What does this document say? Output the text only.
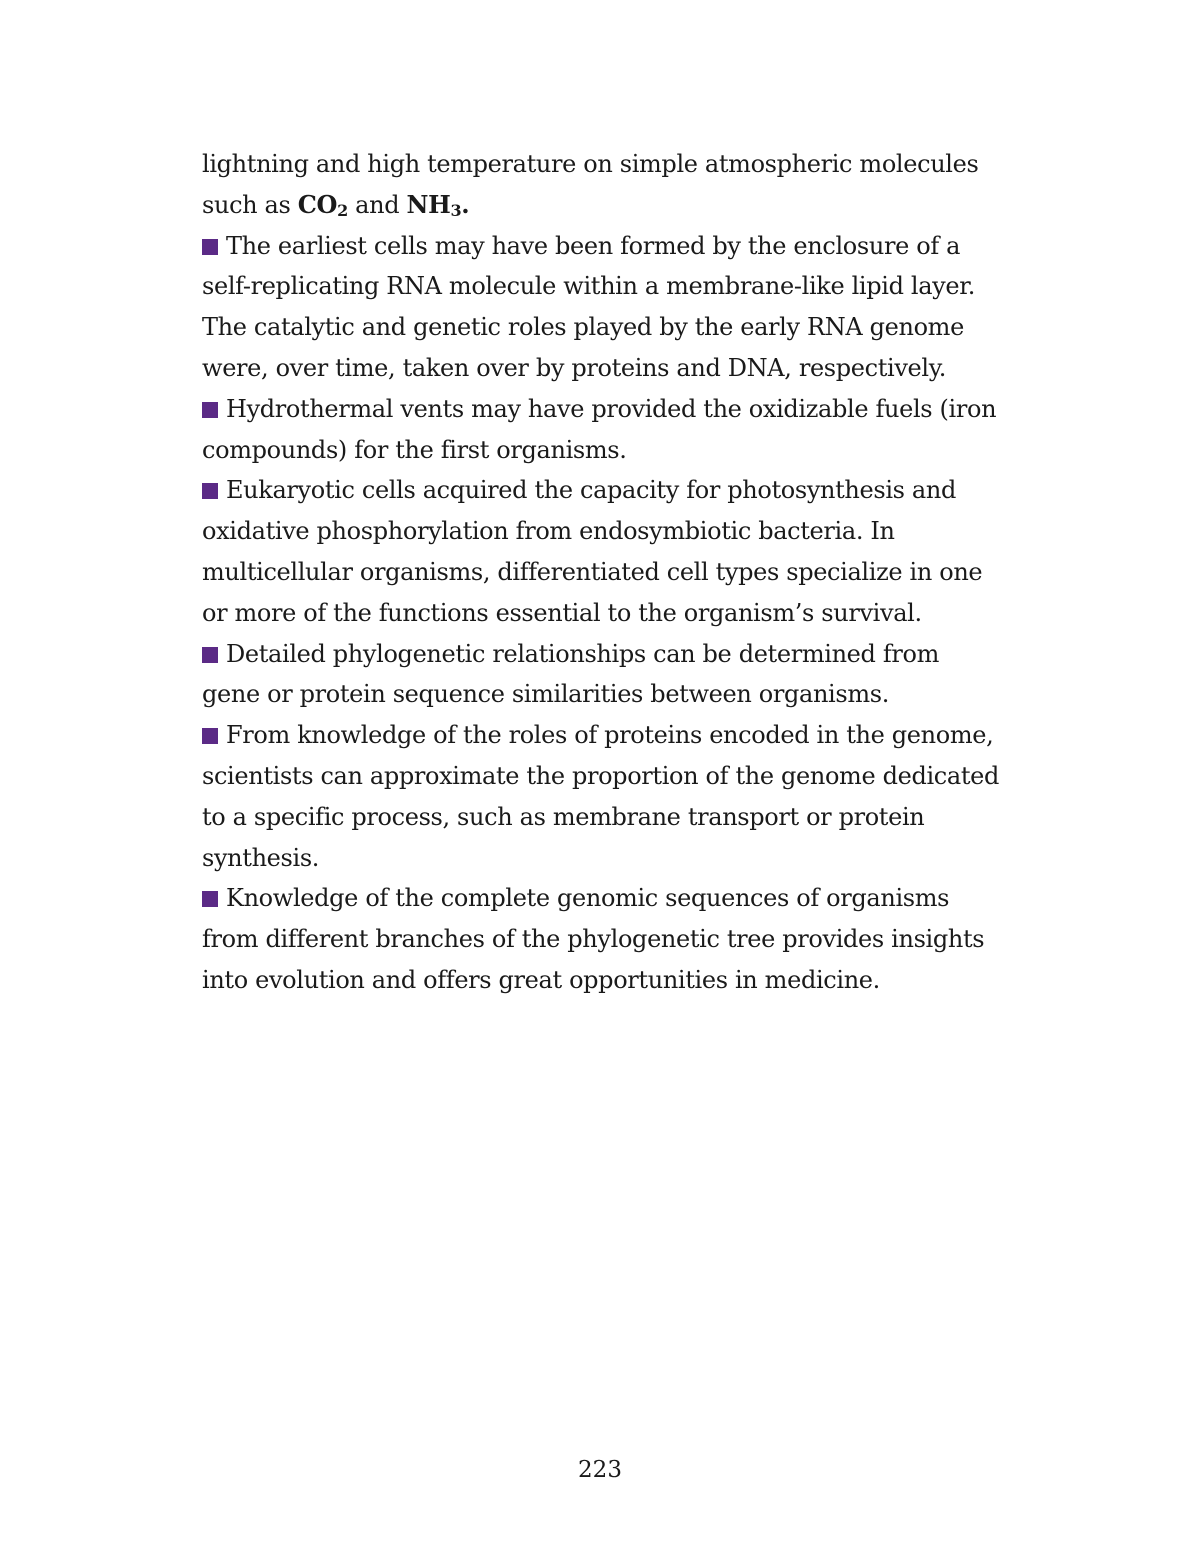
lightning and high temperature on simple atmospheric molecules such as $CO_2$ and $NH_3$.

The earliest cells may have been formed by the enclosure of a self-replicating RNA molecule within a membrane-like lipid layer. The catalytic and genetic roles played by the early RNA genome were, over time, taken over by proteins and DNA, respectively.

Hydrothermal vents may have provided the oxidizable fuels (iron compounds) for the first organisms.

Eukaryotic cells acquired the capacity for photosynthesis and oxidative phosphorylation from endosymbiotic bacteria. In multicellular organisms, differentiated cell types specialize in one or more of the functions essential to the organism’s survival.

Detailed phylogenetic relationships can be determined from gene or protein sequence similarities between organisms.

From knowledge of the roles of proteins encoded in the genome, scientists can approximate the proportion of the genome dedicated to a specific process, such as membrane transport or protein synthesis.

Knowledge of the complete genomic sequences of organisms from different branches of the phylogenetic tree provides insights into evolution and offers great opportunities in medicine.

223
